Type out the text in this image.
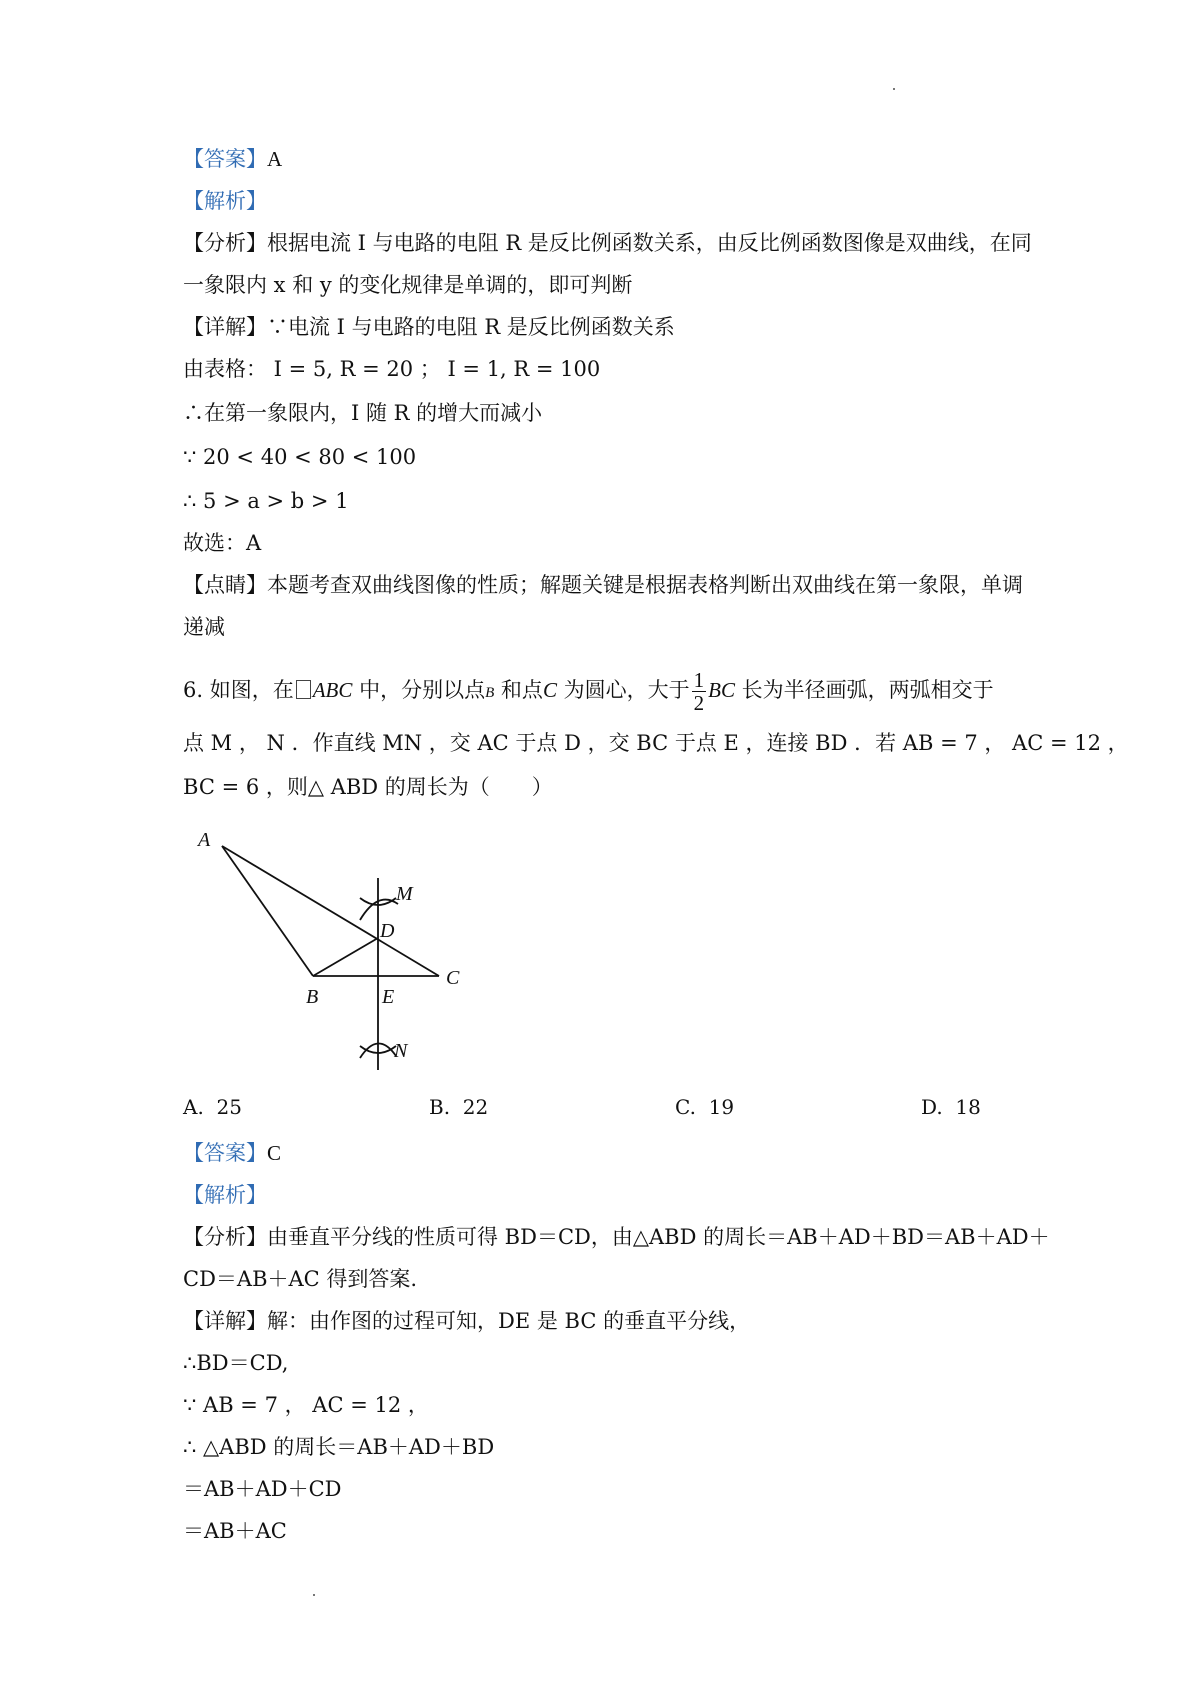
【答案】A
【解析】
【分析】根据电流 I 与电路的电阻 R 是反比例函数关系，由反比例函数图像是双曲线，在同
一象限内 x 和 y 的变化规律是单调的，即可判断
【详解】∵电流 I 与电路的电阻 R 是反比例函数关系
由表格： I = 5, R = 20 ； I = 1, R = 100
∴在第一象限内，I 随 R 的增大而减小
∵ 20 < 40 < 80 < 100
∴ 5 > a > b > 1
故选：A
【点睛】本题考查双曲线图像的性质；解题关键是根据表格判断出双曲线在第一象限，单调
递减
6. 如图，在 ABC 中，分别以点B 和点C 为圆心，大于 $\frac{1}{2}$ BC 长为半径画弧，两弧相交于
点 M ， N ．作直线 MN ，交 AC 于点 D ，交 BC 于点 E ，连接 BD ．若 AB = 7 ， AC = 12 ，
BC = 6 ，则△ ABD 的周长为（　　）
A
B
C
D
E
M
N
A. 25	B. 22	C. 19	D. 18
【答案】C
【解析】
【分析】由垂直平分线的性质可得 BD＝CD，由△ABD 的周长＝AB＋AD＋BD＝AB＋AD＋
CD＝AB＋AC 得到答案.
【详解】解：由作图的过程可知，DE 是 BC 的垂直平分线，
∴BD＝CD,
∵ AB = 7 ， AC = 12 ，
∴ △ABD 的周长＝AB＋AD＋BD
＝AB＋AD＋CD
＝AB＋AC
